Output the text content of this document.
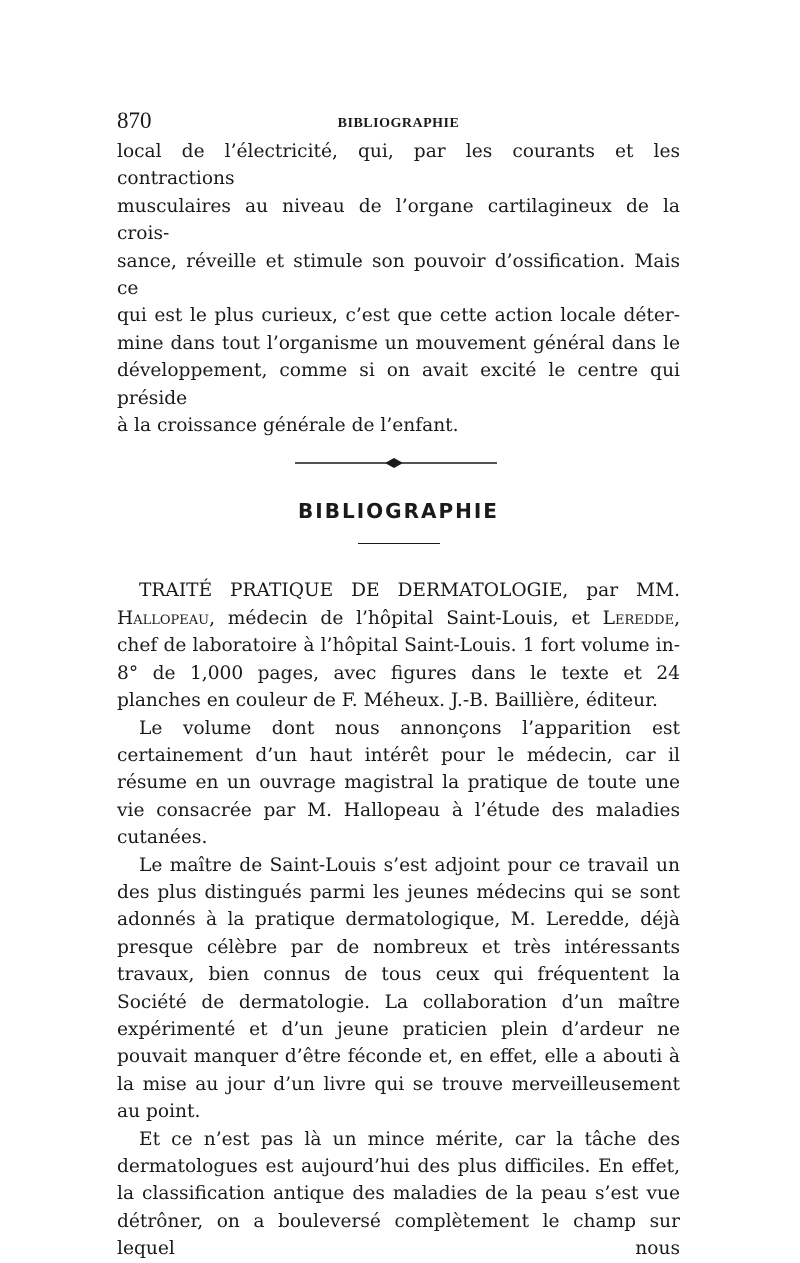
870	BIBLIOGRAPHIE

local de l’électricité, qui, par les courants et les contractions

musculaires au niveau de l’organe cartilagineux de la crois-

sance, réveille et stimule son pouvoir d’ossification. Mais ce

qui est le plus curieux, c’est que cette action locale déter-

mine dans tout l’organisme un mouvement général dans le

développement, comme si on avait excité le centre qui préside

à la croissance générale de l’enfant.

BIBLIOGRAPHIE

TRAITÉ PRATIQUE DE DERMATOLOGIE, par MM. Hallopeau, médecin de l’hôpital Saint-Louis, et Leredde, chef de laboratoire à l’hôpital Saint-Louis. 1 fort volume in-8° de 1,000 pages, avec figures dans le texte et 24 planches en couleur de F. Méheux. J.-B. Baillière, éditeur.

Le volume dont nous annonçons l’apparition est certainement d’un haut intérêt pour le médecin, car il résume en un ouvrage magistral la pratique de toute une vie consacrée par M. Hallopeau à l’étude des maladies cutanées.

Le maître de Saint-Louis s’est adjoint pour ce travail un des plus distingués parmi les jeunes médecins qui se sont adonnés à la pratique dermatologique, M. Leredde, déjà presque célèbre par de nombreux et très intéressants travaux, bien connus de tous ceux qui fréquentent la Société de dermatologie. La collaboration d’un maître expérimenté et d’un jeune praticien plein d’ardeur ne pouvait manquer d’être féconde et, en effet, elle a abouti à la mise au jour d’un livre qui se trouve merveilleusement au point.

Et ce n’est pas là un mince mérite, car la tâche des dermatologues est aujourd’hui des plus difficiles. En effet, la classification antique des maladies de la peau s’est vue détrôner, on a bouleversé complètement le champ sur lequel nous
